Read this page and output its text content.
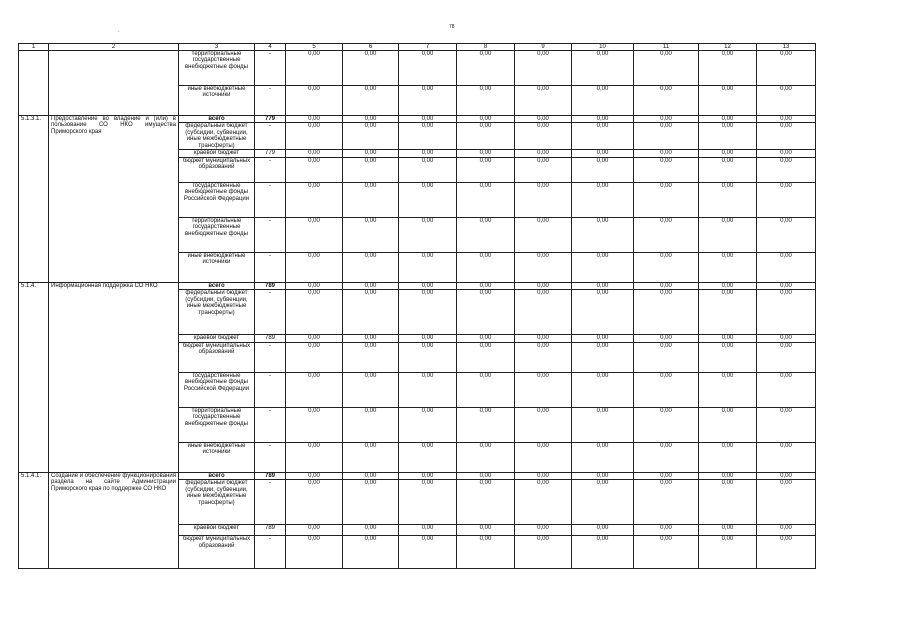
78
·
1	2	3	4	5	6	7	8	9	10	11	12	13
		территориальные государственные внебюджетные фонды	-	0,00	0,00	0,00	0,00	0,00	0,00	0,00	0,00	0,00
		иные внебюджетные источники	-	0,00	0,00	0,00	0,00	0,00	0,00	0,00	0,00	0,00
5.1.3.1.	Предоставление во владение и (или) в пользование СО НКО имущества Приморского края	всего	779	0,00	0,00	0,00	0,00	0,00	0,00	0,00	0,00	0,00
		федеральный бюджет (субсидии, субвенции, иные межбюджетные трансферты)	-	0,00	0,00	0,00	0,00	0,00	0,00	0,00	0,00	0,00
		краевой бюджет	779	0,00	0,00	0,00	0,00	0,00	0,00	0,00	0,00	0,00
		бюджет муниципальных образований	-	0,00	0,00	0,00	0,00	0,00	0,00	0,00	0,00	0,00
		государственные внебюджетные фонды Российской Федерации	-	0,00	0,00	0,00	0,00	0,00	0,00	0,00	0,00	0,00
		территориальные государственные внебюджетные фонды	-	0,00	0,00	0,00	0,00	0,00	0,00	0,00	0,00	0,00
		иные внебюджетные источники	-	0,00	0,00	0,00	0,00	0,00	0,00	0,00	0,00	0,00
5.1.4.	Информационная поддержка СО НКО	всего	789	0,00	0,00	0,00	0,00	0,00	0,00	0,00	0,00	0,00
		федеральный бюджет (субсидии, субвенции, иные межбюджетные трансферты)	-	0,00	0,00	0,00	0,00	0,00	0,00	0,00	0,00	0,00
		краевой бюджет	789	0,00	0,00	0,00	0,00	0,00	0,00	0,00	0,00	0,00
		бюджет муниципальных образований	-	0,00	0,00	0,00	0,00	0,00	0,00	0,00	0,00	0,00
		государственные внебюджетные фонды Российской Федерации	-	0,00	0,00	0,00	0,00	0,00	0,00	0,00	0,00	0,00
		территориальные государственные внебюджетные фонды	-	0,00	0,00	0,00	0,00	0,00	0,00	0,00	0,00	0,00
		иные внебюджетные источники	-	0,00	0,00	0,00	0,00	0,00	0,00	0,00	0,00	0,00
5.1.4.1.	Создание и обеспечение функционирования раздела на сайте Администрации Приморского края по поддержке СО НКО	всего	789	0,00	0,00	0,00	0,00	0,00	0,00	0,00	0,00	0,00
		федеральный бюджет (субсидии, субвенции, иные межбюджетные трансферты)	-	0,00	0,00	0,00	0,00	0,00	0,00	0,00	0,00	0,00
		краевой бюджет	789	0,00	0,00	0,00	0,00	0,00	0,00	0,00	0,00	0,00
		бюджет муниципальных образований	-	0,00	0,00	0,00	0,00	0,00	0,00	0,00	0,00	0,00
